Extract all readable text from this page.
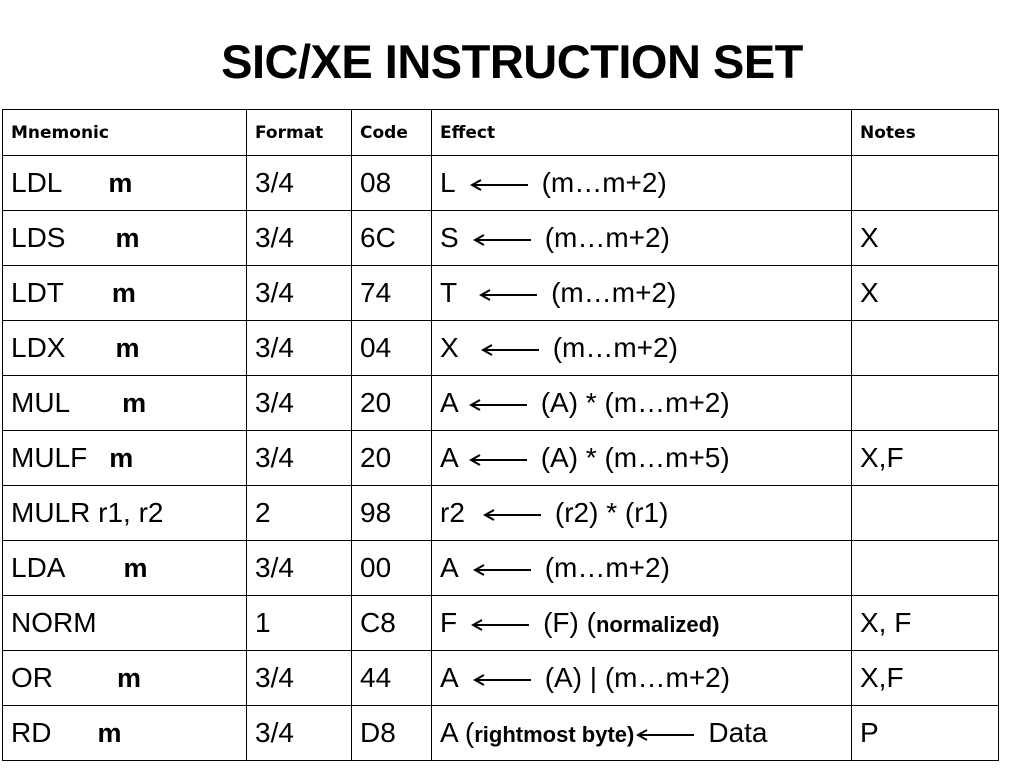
SIC/XE INSTRUCTION SET
Mnemonic	Format	Code	Effect	Notes
LDL m	3/4	08	L (m…m+2)	
LDS m	3/4	6C	S (m…m+2)	X
LDT m	3/4	74	T (m…m+2)	X
LDX m	3/4	04	X (m…m+2)	
MUL m	3/4	20	A (A) * (m…m+2)	
MULF m	3/4	20	A (A) * (m…m+5)	X,F
MULR r1, r2	2	98	r2 (r2) * (r1)	
LDA m	3/4	00	A (m…m+2)	
NORM	1	C8	F (F) (normalized)	X, F
OR m	3/4	44	A (A) | (m…m+2)	X,F
RD m	3/4	D8	A (rightmost byte) Data	P
